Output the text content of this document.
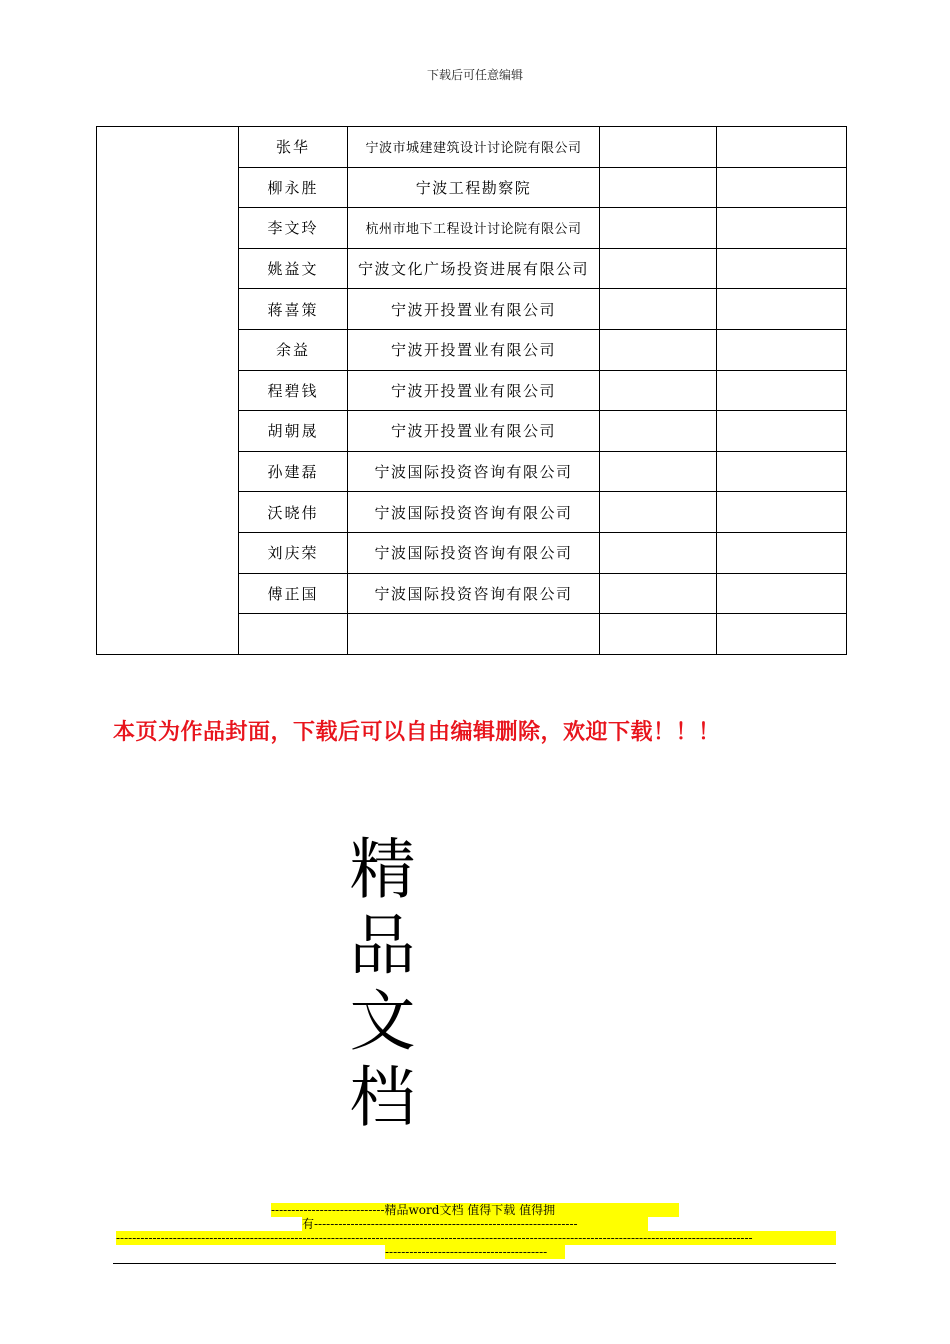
下载后可任意编辑
	张华	宁波市城建建筑设计讨论院有限公司		
	柳永胜	宁波工程勘察院		
	李文玲	杭州市地下工程设计讨论院有限公司		
	姚益文	宁波文化广场投资进展有限公司		
	蒋喜策	宁波开投置业有限公司		
	余益	宁波开投置业有限公司		
	程碧钱	宁波开投置业有限公司		
	胡朝晟	宁波开投置业有限公司		
	孙建磊	宁波国际投资咨询有限公司		
	沃晓伟	宁波国际投资咨询有限公司		
	刘庆荣	宁波国际投资咨询有限公司		
	傅正国	宁波国际投资咨询有限公司		

本页为作品封面，下载后可以自由编辑删除，欢迎下载！！！
精
品
文
档
----------------------------精品word文档 值得下载 值得拥
有-----------------------------------------------------------------
-------------------------------------------------------------------------------------------------------------------------------------------------------------
----------------------------------------
